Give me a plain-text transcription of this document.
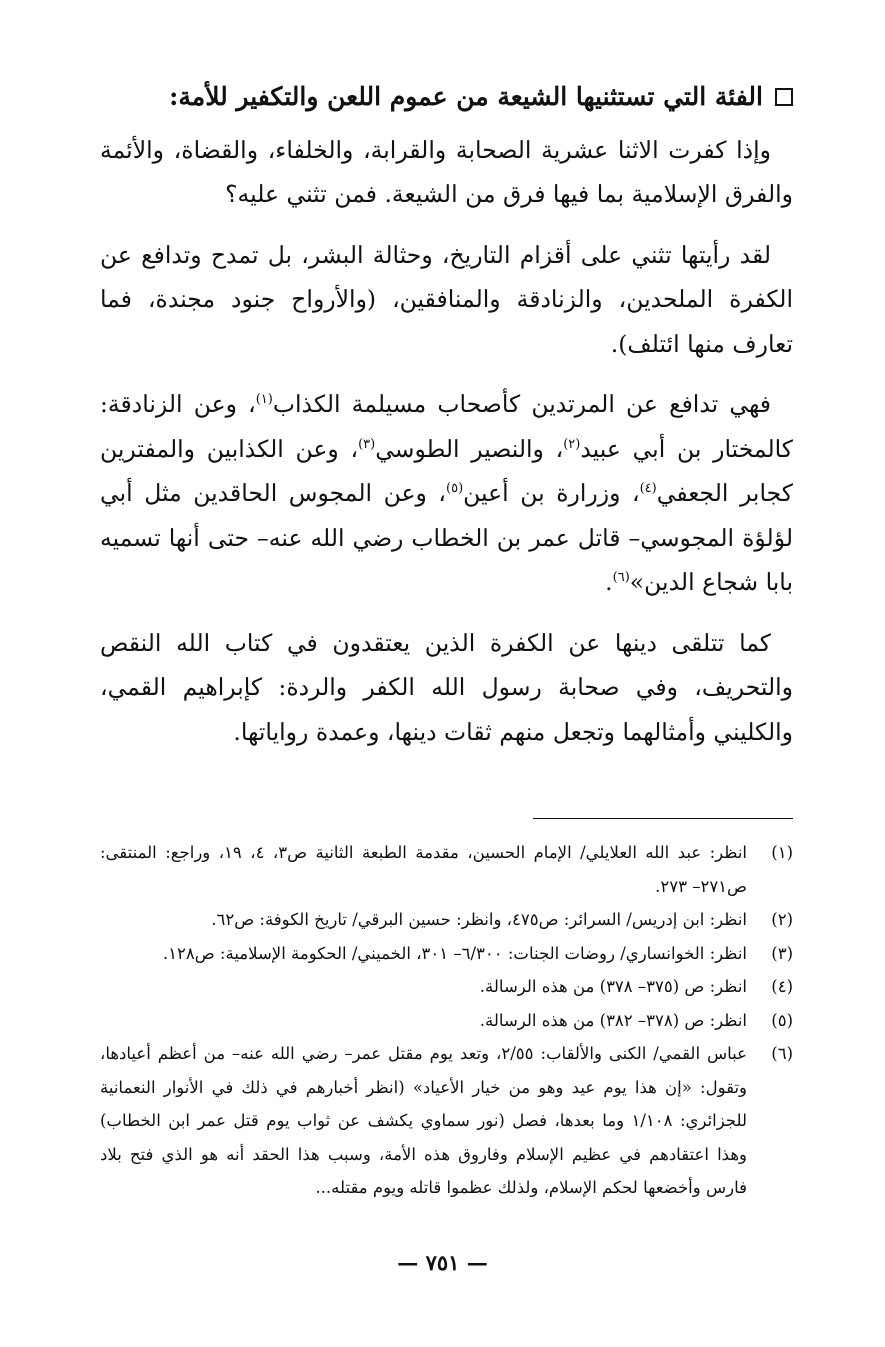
الفئة التي تستثنيها الشيعة من عموم اللعن والتكفير للأمة:

وإذا كفرت الاثنا عشرية الصحابة والقرابة، والخلفاء، والقضاة، والأئمة والفرق الإسلامية بما فيها فرق من الشيعة. فمن تثني عليه؟

لقد رأيتها تثني على أقزام التاريخ، وحثالة البشر، بل تمدح وتدافع عن الكفرة الملحدين، والزنادقة والمنافقين، (والأرواح جنود مجندة، فما تعارف منها ائتلف).

فهي تدافع عن المرتدين كأصحاب مسيلمة الكذاب$^{(١)}$، وعن الزنادقة: كالمختار بن أبي عبيد$^{(٢)}$، والنصير الطوسي$^{(٣)}$، وعن الكذابين والمفترين كجابر الجعفي$^{(٤)}$، وزرارة بن أعين$^{(٥)}$، وعن المجوس الحاقدين مثل أبي لؤلؤة المجوسي– قاتل عمر بن الخطاب رضي الله عنه– حتى أنها تسميه بابا شجاع الدين»$^{(٦)}$.

كما تتلقى دينها عن الكفرة الذين يعتقدون في كتاب الله النقص والتحريف، وفي صحابة رسول الله الكفر والردة: كإبراهيم القمي، والكليني وأمثالهما وتجعل منهم ثقات دينها، وعمدة رواياتها.

(١)
انظر: عبد الله العلايلي/ الإمام الحسين، مقدمة الطبعة الثانية ص٣، ٤، ١٩، وراجع: المنتقى: ص٢٧١– ٢٧٣.
(٢)
انظر: ابن إدريس/ السرائر: ص٤٧٥، وانظر: حسين البرقي/ تاريخ الكوفة: ص٦٢.
(٣)
انظر: الخوانساري/ روضات الجنات: ٦/٣٠٠– ٣٠١، الخميني/ الحكومة الإسلامية: ص١٢٨.
(٤)
انظر: ص (٣٧٥– ٣٧٨) من هذه الرسالة.
(٥)
انظر: ص (٣٧٨– ٣٨٢) من هذه الرسالة.
(٦)
عباس القمي/ الكنى والألقاب: ٢/٥٥، وتعد يوم مقتل عمر– رضي الله عنه– من أعظم أعيادها، وتقول: «إن هذا يوم عيد وهو من خيار الأعياد» (انظر أخبارهم في ذلك في الأنوار النعمانية للجزائري: ١/١٠٨ وما بعدها، فصل (نور سماوي يكشف عن ثواب يوم قتل عمر ابن الخطاب) وهذا اعتقادهم في عظيم الإسلام وفاروق هذه الأمة، وسبب هذا الحقد أنه هو الذي فتح بلاد فارس وأخضعها لحكم الإسلام، ولذلك عظموا قاتله ويوم مقتله...
— ٧٥١ —
